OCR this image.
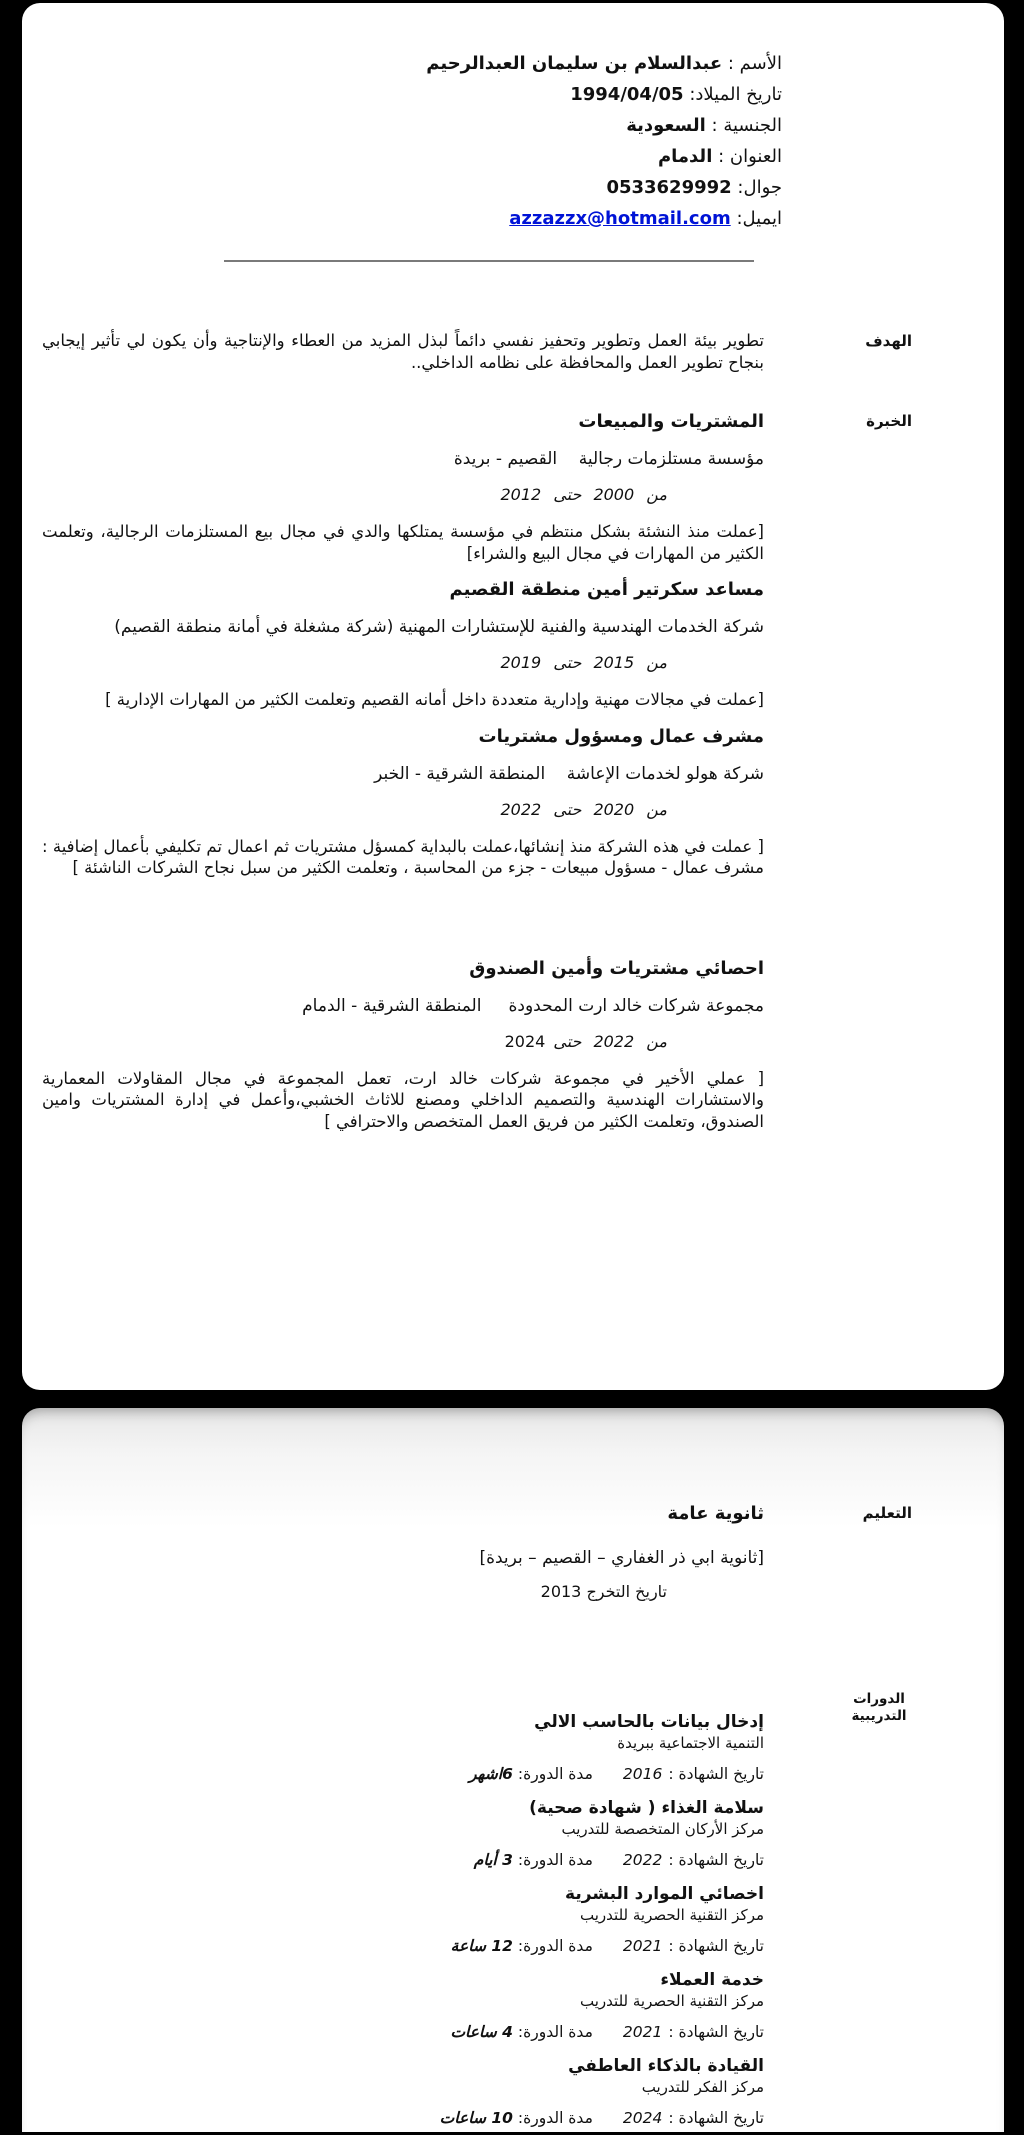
الأسم : عبدالسلام بن سليمان العبدالرحيم
تاريخ الميلاد: 1994/04/05
الجنسية : السعودية
العنوان : الدمام
جوال: 0533629992
ايميل: azzazzx@hotmail.com
الهدف
تطوير بيئة العمل وتطوير وتحفيز نفسي دائماً لبذل المزيد من العطاء والإنتاجية وأن يكون لي تأثير إيجابي بنجاح تطوير العمل والمحافظة على نظامه الداخلي..
الخبرة
المشتريات والمبيعات
مؤسسة مستلزمات رجالية    القصيم - بريدة
من 2000 حتى 2012
[عملت منذ النشئة بشكل منتظم في مؤسسة يمتلكها والدي في مجال بيع المستلزمات الرجالية، وتعلمت الكثير من المهارات في مجال البيع والشراء]
مساعد سكرتير أمين منطقة القصيم
شركة الخدمات الهندسية والفنية للإستشارات المهنية (شركة مشغلة في أمانة منطقة القصيم)
من 2015 حتى 2019
[عملت في مجالات مهنية وإدارية متعددة داخل أمانه القصيم وتعلمت الكثير من المهارات الإدارية ]
مشرف عمال ومسؤول مشتريات
شركة هولو لخدمات الإعاشة    المنطقة الشرقية - الخبر
من 2020 حتى 2022
[ عملت في هذه الشركة منذ إنشائها،عملت بالبداية كمسؤل مشتريات ثم اعمال تم تكليفي بأعمال إضافية : مشرف عمال - مسؤول مبيعات - جزء من المحاسبة ، وتعلمت الكثير من سبل نجاح الشركات الناشئة ]
احصائي مشتريات وأمين الصندوق
مجموعة شركات خالد ارت المحدودة     المنطقة الشرقية - الدمام
من 2022 حتى2024
[ عملي الأخير في مجموعة شركات خالد ارت، تعمل المجموعة في مجال المقاولات المعمارية والاستشارات الهندسية والتصميم الداخلي ومصنع للاثاث الخشبي،وأعمل في إدارة المشتريات وامين الصندوق، وتعلمت الكثير من فريق العمل المتخصص والاحترافي ]
التعليم
ثانوية عامة
[ثانوية ابي ذر الغفاري – القصيم – بريدة]
تاريخ التخرج 2013
الدورات التدريبية
إدخال بيانات بالحاسب الالي
التنمية الاجتماعية ببريدة
تاريخ الشهادة :2016مدة الدورة:6اشهر
سلامة الغذاء ( شهادة صحية)
مركز الأركان المتخصصة للتدريب
تاريخ الشهادة :2022مدة الدورة:3 أيام
اخصائي الموارد البشرية
مركز التقنية الحصرية للتدريب
تاريخ الشهادة :2021مدة الدورة:12 ساعة
خدمة العملاء
مركز التقنية الحصرية للتدريب
تاريخ الشهادة :2021مدة الدورة:4 ساعات
القيادة بالذكاء العاطفي
مركز الفكر للتدريب
تاريخ الشهادة :2024مدة الدورة:10 ساعات
